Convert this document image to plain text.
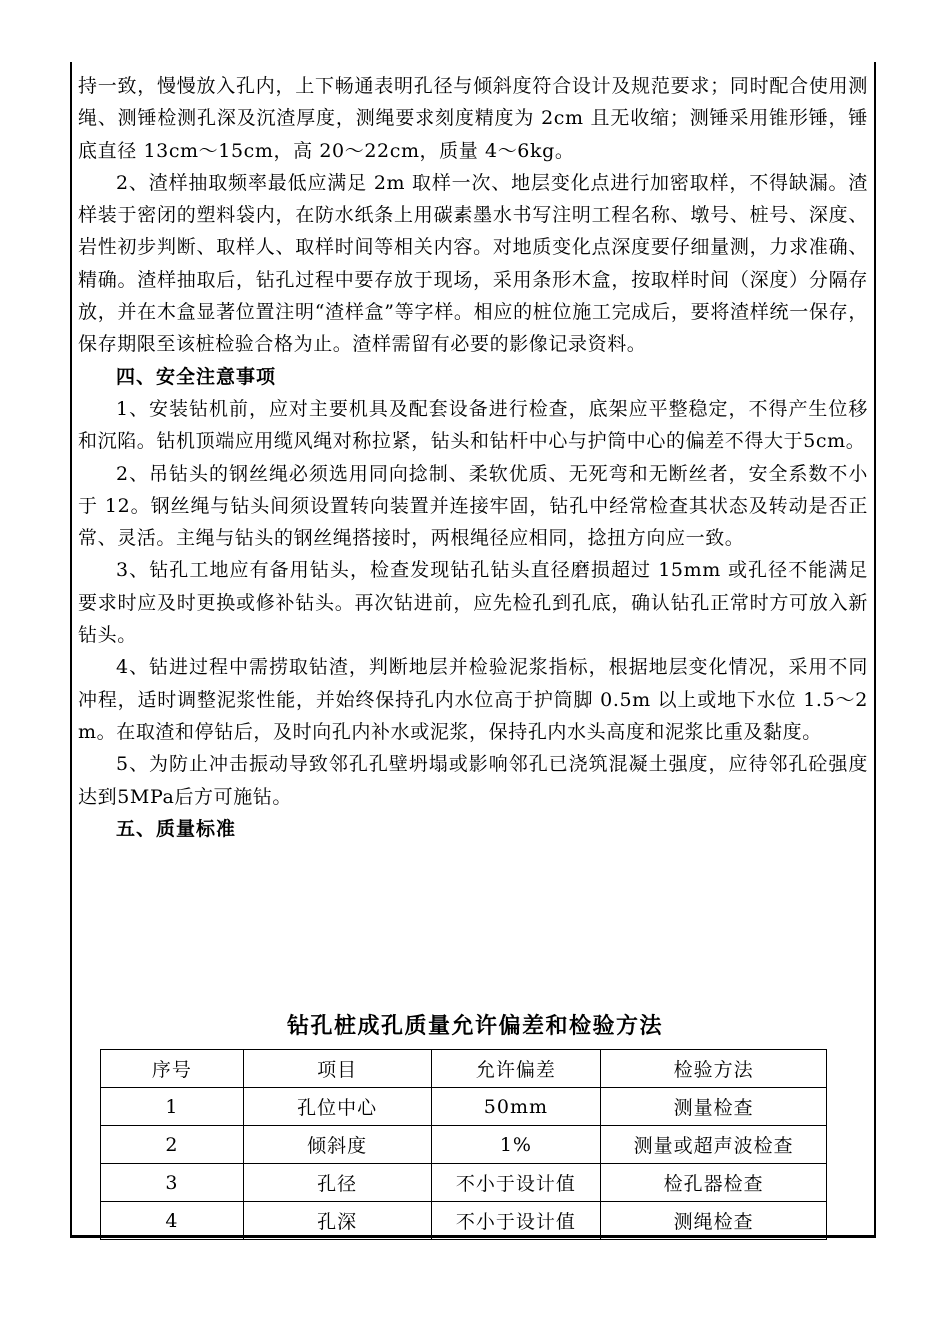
持一致，慢慢放入孔内，上下畅通表明孔径与倾斜度符合设计及规范要求；同时配合使用测绳、测锤检测孔深及沉渣厚度，测绳要求刻度精度为 2cm 且无收缩；测锤采用锥形锤，锤底直径 13cm～15cm，高 20～22cm，质量 4～6kg。

2、渣样抽取频率最低应满足 2m 取样一次、地层变化点进行加密取样，不得缺漏。渣样装于密闭的塑料袋内，在防水纸条上用碳素墨水书写注明工程名称、墩号、桩号、深度、岩性初步判断、取样人、取样时间等相关内容。对地质变化点深度要仔细量测，力求准确、精确。渣样抽取后，钻孔过程中要存放于现场，采用条形木盒，按取样时间（深度）分隔存放，并在木盒显著位置注明“渣样盒”等字样。相应的桩位施工完成后，要将渣样统一保存，保存期限至该桩检验合格为止。渣样需留有必要的影像记录资料。

四、安全注意事项

1、安装钻机前，应对主要机具及配套设备进行检查，底架应平整稳定，不得产生位移和沉陷。钻机顶端应用缆风绳对称拉紧，钻头和钻杆中心与护筒中心的偏差不得大于5cm。

2、吊钻头的钢丝绳必须选用同向捻制、柔软优质、无死弯和无断丝者，安全系数不小于 12。钢丝绳与钻头间须设置转向装置并连接牢固，钻孔中经常检查其状态及转动是否正常、灵活。主绳与钻头的钢丝绳搭接时，两根绳径应相同，捻扭方向应一致。

3、钻孔工地应有备用钻头，检查发现钻孔钻头直径磨损超过 15mm 或孔径不能满足要求时应及时更换或修补钻头。再次钻进前，应先检孔到孔底，确认钻孔正常时方可放入新钻头。

4、钻进过程中需捞取钻渣，判断地层并检验泥浆指标，根据地层变化情况，采用不同冲程，适时调整泥浆性能，并始终保持孔内水位高于护筒脚 0.5m 以上或地下水位 1.5～2m。在取渣和停钻后，及时向孔内补水或泥浆，保持孔内水头高度和泥浆比重及黏度。

5、为防止冲击振动导致邻孔孔壁坍塌或影响邻孔已浇筑混凝土强度，应待邻孔砼强度达到5MPa后方可施钻。

五、质量标准

钻孔桩成孔质量允许偏差和检验方法
序号	项目	允许偏差	检验方法
1	孔位中心	50mm	测量检查
2	倾斜度	1%	测量或超声波检查
3	孔径	不小于设计值	检孔器检查
4	孔深	不小于设计值	测绳检查
